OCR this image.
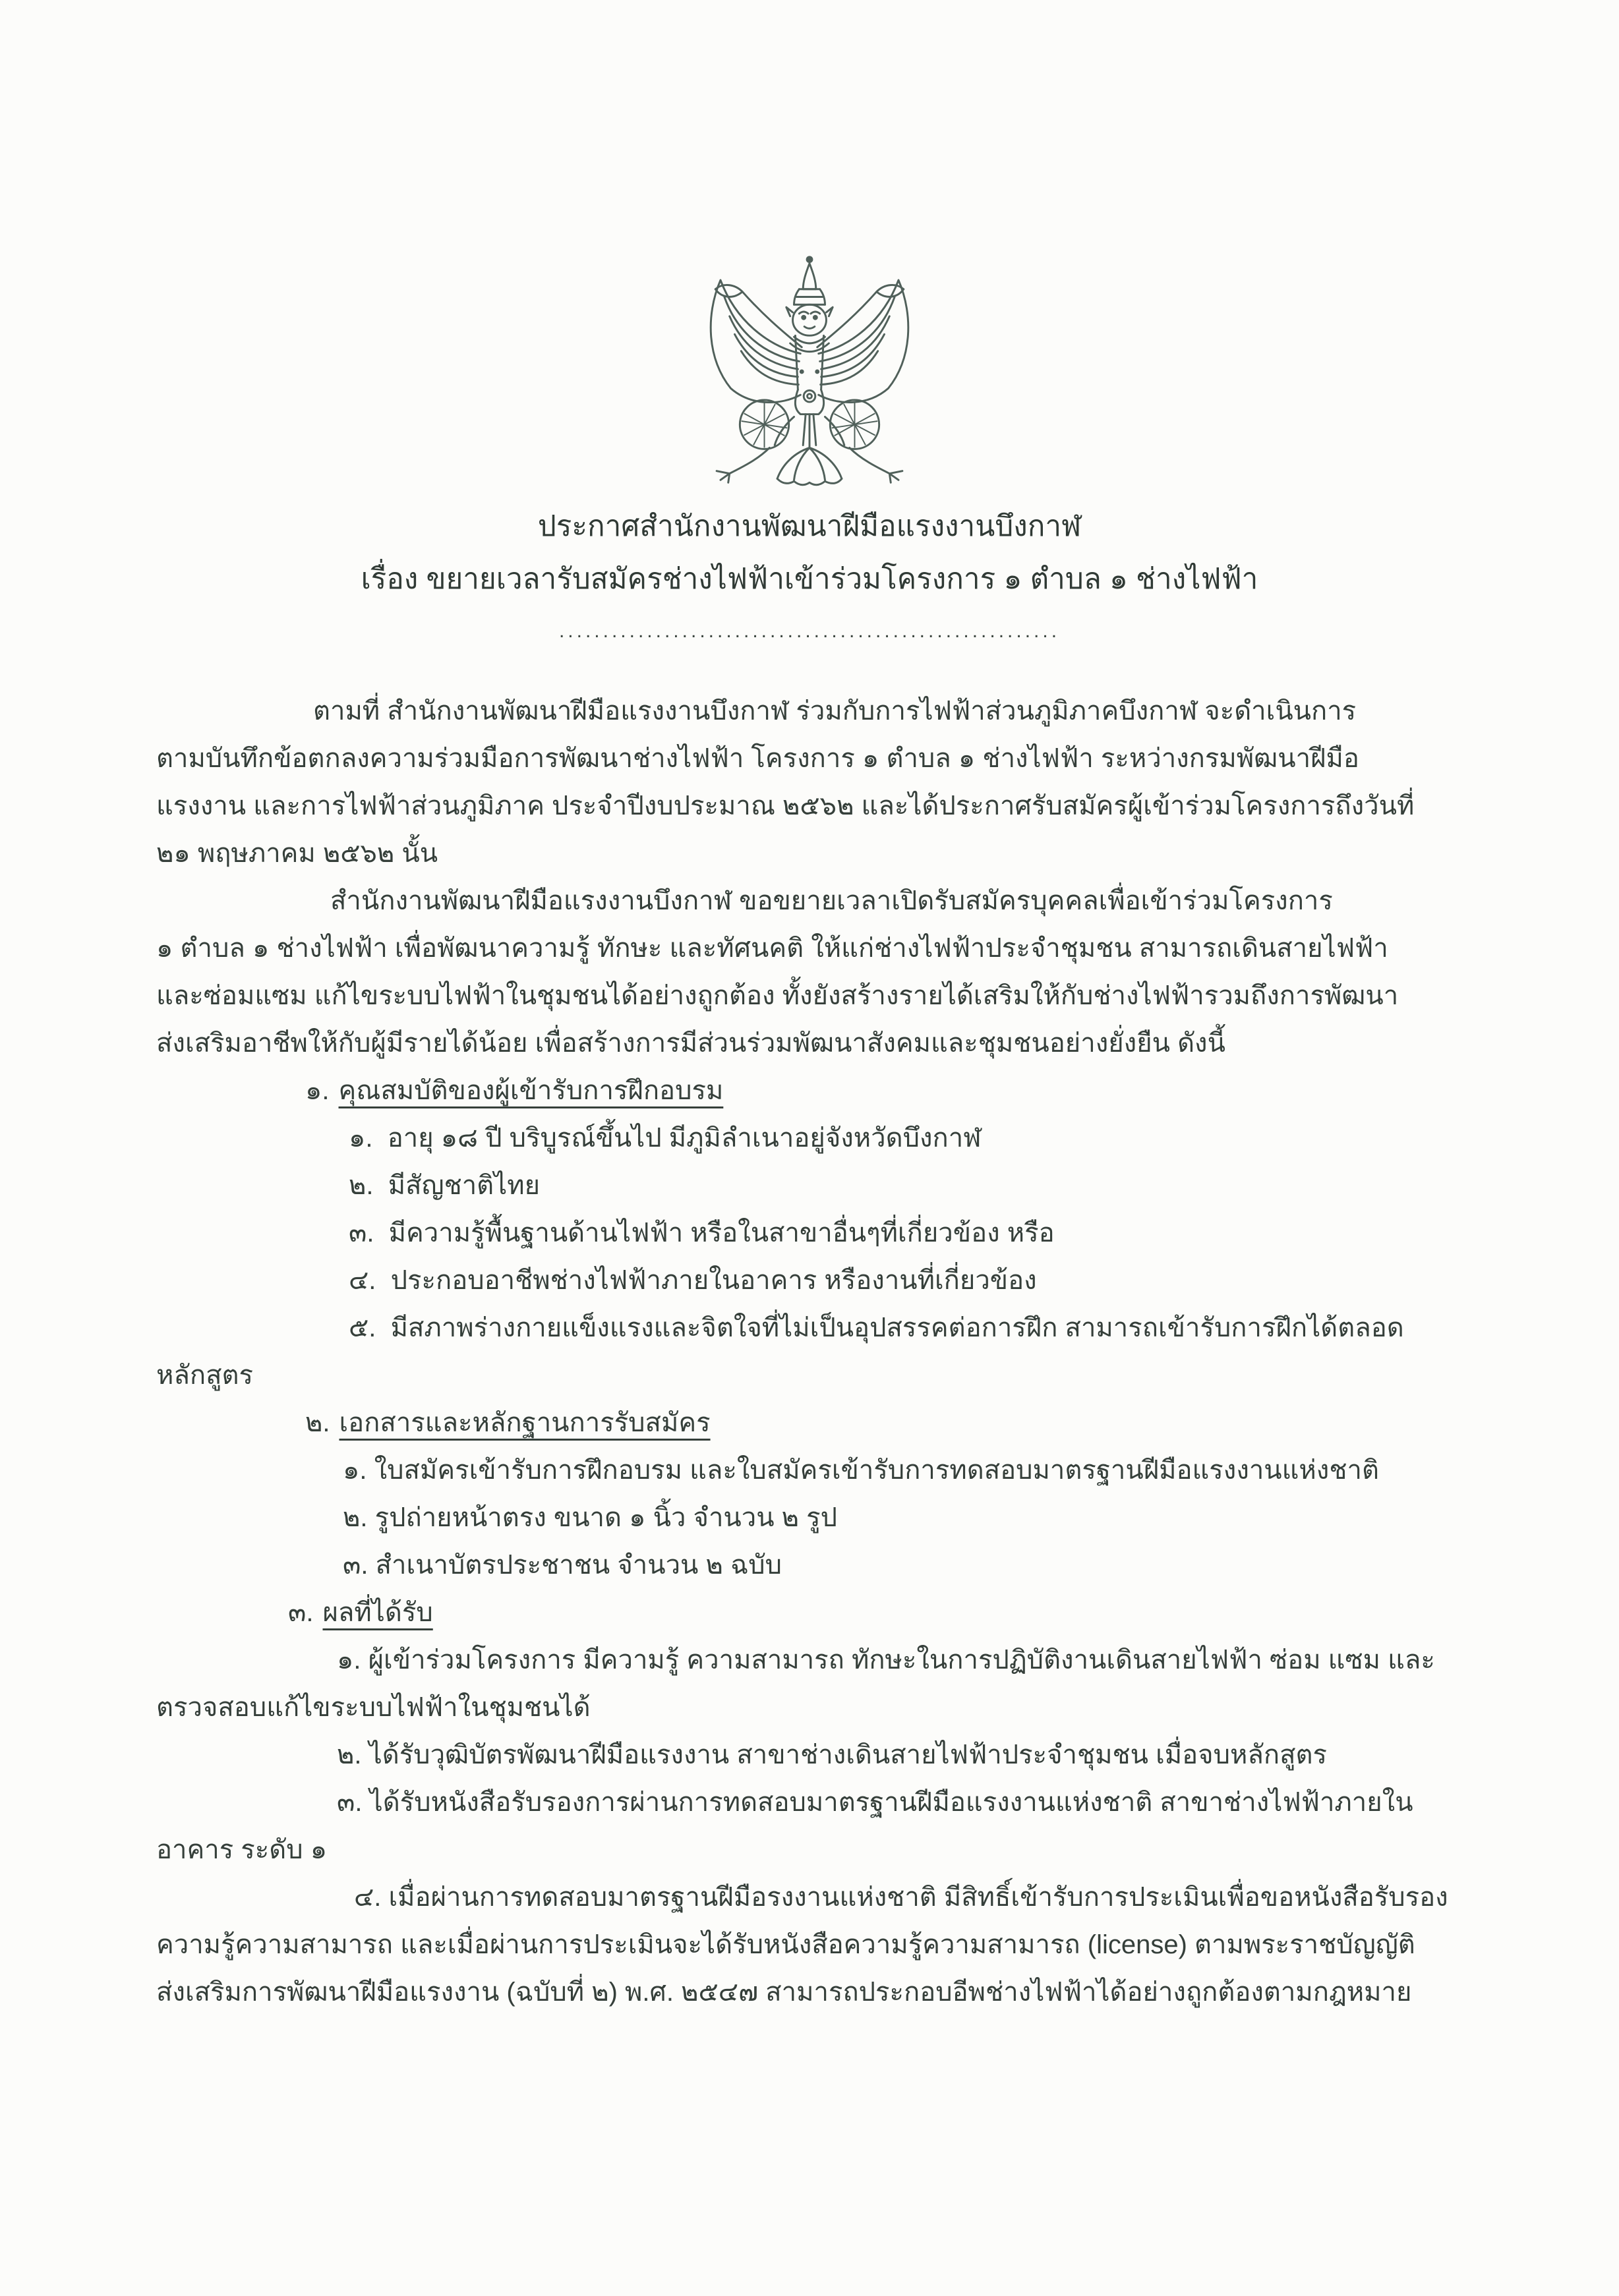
ประกาศสำนักงานพัฒนาฝีมือแรงงานบึงกาฬ
เรื่อง ขยายเวลารับสมัครช่างไฟฟ้าเข้าร่วมโครงการ ๑ ตำบล ๑ ช่างไฟฟ้า
.........................................................
ตามที่ สำนักงานพัฒนาฝีมือแรงงานบึงกาฬ ร่วมกับการไฟฟ้าส่วนภูมิภาคบึงกาฬ จะดำเนินการ
ตามบันทึกข้อตกลงความร่วมมือการพัฒนาช่างไฟฟ้า โครงการ ๑ ตำบล ๑ ช่างไฟฟ้า ระหว่างกรมพัฒนาฝีมือ
แรงงาน และการไฟฟ้าส่วนภูมิภาค ประจำปีงบประมาณ ๒๕๖๒ และได้ประกาศรับสมัครผู้เข้าร่วมโครงการถึงวันที่
๒๑ พฤษภาคม ๒๕๖๒ นั้น
สำนักงานพัฒนาฝีมือแรงงานบึงกาฬ ขอขยายเวลาเปิดรับสมัครบุคคลเพื่อเข้าร่วมโครงการ
๑ ตำบล ๑ ช่างไฟฟ้า เพื่อพัฒนาความรู้ ทักษะ และทัศนคติ ให้แก่ช่างไฟฟ้าประจำชุมชน สามารถเดินสายไฟฟ้า
และซ่อมแซม แก้ไขระบบไฟฟ้าในชุมชนได้อย่างถูกต้อง ทั้งยังสร้างรายได้เสริมให้กับช่างไฟฟ้ารวมถึงการพัฒนา
ส่งเสริมอาชีพให้กับผู้มีรายได้น้อย เพื่อสร้างการมีส่วนร่วมพัฒนาสังคมและชุมชนอย่างยั่งยืน ดังนี้
๑. คุณสมบัติของผู้เข้ารับการฝึกอบรม
๑.  อายุ ๑๘ ปี บริบูรณ์ขึ้นไป มีภูมิลำเนาอยู่จังหวัดบึงกาฬ
๒.  มีสัญชาติไทย
๓.  มีความรู้พื้นฐานด้านไฟฟ้า หรือในสาขาอื่นๆที่เกี่ยวข้อง หรือ
๔.  ประกอบอาชีพช่างไฟฟ้าภายในอาคาร หรืองานที่เกี่ยวข้อง
๕.  มีสภาพร่างกายแข็งแรงและจิตใจที่ไม่เป็นอุปสรรคต่อการฝึก สามารถเข้ารับการฝึกได้ตลอด
หลักสูตร
๒. เอกสารและหลักฐานการรับสมัคร
๑. ใบสมัครเข้ารับการฝึกอบรม และใบสมัครเข้ารับการทดสอบมาตรฐานฝีมือแรงงานแห่งชาติ
๒. รูปถ่ายหน้าตรง ขนาด ๑ นิ้ว จำนวน ๒ รูป
๓. สำเนาบัตรประชาชน จำนวน ๒ ฉบับ
๓. ผลที่ได้รับ
๑. ผู้เข้าร่วมโครงการ มีความรู้ ความสามารถ ทักษะในการปฏิบัติงานเดินสายไฟฟ้า ซ่อม แซม และ
ตรวจสอบแก้ไขระบบไฟฟ้าในชุมชนได้
๒. ได้รับวุฒิบัตรพัฒนาฝีมือแรงงาน สาขาช่างเดินสายไฟฟ้าประจำชุมชน เมื่อจบหลักสูตร
๓. ได้รับหนังสือรับรองการผ่านการทดสอบมาตรฐานฝีมือแรงงานแห่งชาติ สาขาช่างไฟฟ้าภายใน
อาคาร ระดับ ๑
๔. เมื่อผ่านการทดสอบมาตรฐานฝีมือรงงานแห่งชาติ มีสิทธิ์เข้ารับการประเมินเพื่อขอหนังสือรับรอง
ความรู้ความสามารถ และเมื่อผ่านการประเมินจะได้รับหนังสือความรู้ความสามารถ (license) ตามพระราชบัญญัติ
ส่งเสริมการพัฒนาฝีมือแรงงาน (ฉบับที่ ๒) พ.ศ. ๒๕๔๗ สามารถประกอบอีพช่างไฟฟ้าได้อย่างถูกต้องตามกฎหมาย
